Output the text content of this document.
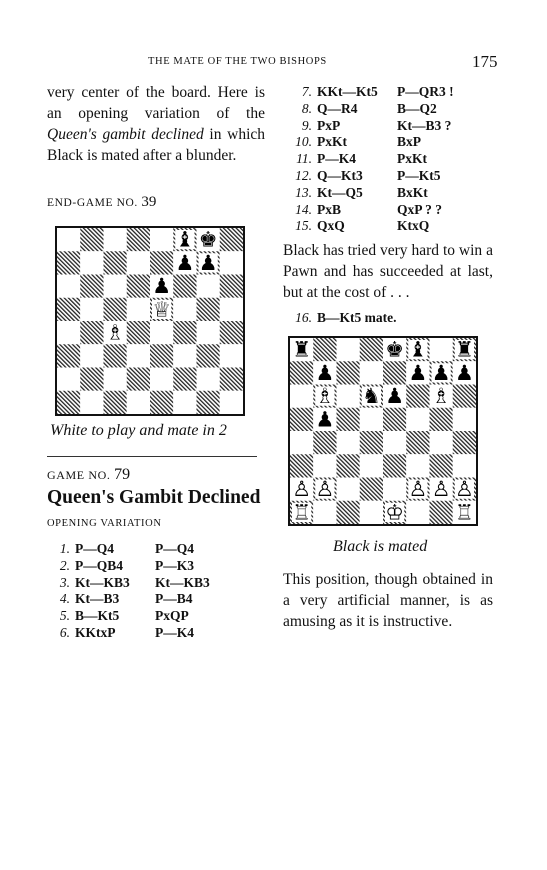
THE MATE OF THE TWO BISHOPS	175
very center of the board. Here is an opening variation of the Queen's gambit declined in which Black is mated after a blunder.
END-GAME NO. 39
♝ ♚
♟ ♟
♟
♕
♗
White to play and mate in 2
GAME NO. 79
Queen's Gambit Declined
OPENING VARIATION
1. P—Q4	P—Q4
2. P—QB4	P—K3
3. Kt—KB3	Kt—KB3
4. Kt—B3	P—B4
5. B—Kt5	PxQP
6. KKtxP	P—K4
7. KKt—Kt5	P—QR3 !
8. Q—R4	B—Q2
9. PxP	Kt—B3 ?
10. PxKt	BxP
11. P—K4	PxKt
12. Q—Kt3	P—Kt5
13. Kt—Q5	BxKt
14. PxB	QxP ? ?
15. QxQ	KtxQ
Black has tried very hard to win a Pawn and has succeeded at last, but at the cost of . . .
16. B—Kt5 mate.
♜	♚ ♝ ♜
♟	♟ ♟ ♟
♗ ♞ ♟ ♗
♟
♙ ♙	♙ ♙ ♙
♖	♔ ♖
Black is mated
This position, though obtained in a very artificial manner, is as amusing as it is instructive.
